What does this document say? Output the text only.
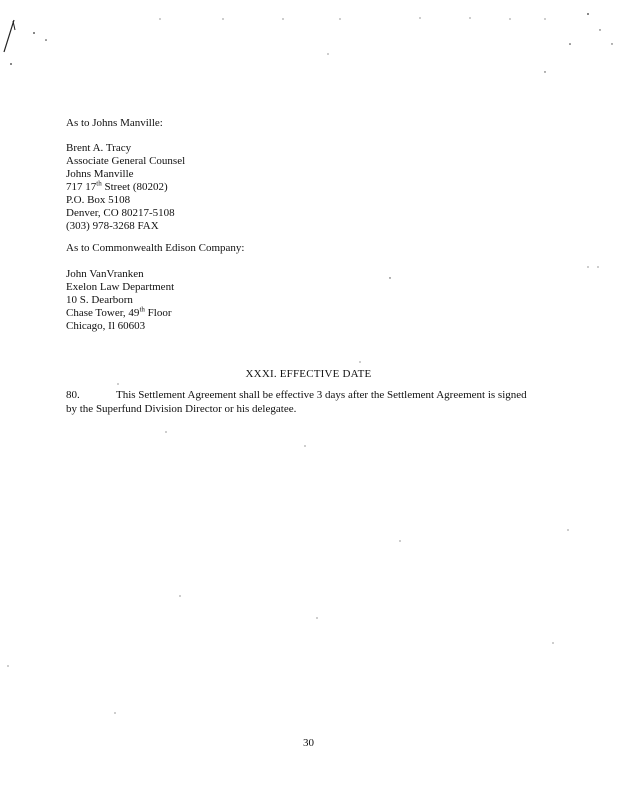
As to Johns Manville:
Brent A. Tracy
Associate General Counsel
Johns Manville
717 17th Street (80202)
P.O. Box 5108
Denver, CO 80217-5108
(303) 978-3268 FAX
As to Commonwealth Edison Company:
John VanVranken
Exelon Law Department
10 S. Dearborn
Chase Tower, 49th Floor
Chicago, Il 60603
XXXI. EFFECTIVE DATE
80.	This Settlement Agreement shall be effective 3 days after the Settlement Agreement is signed by the Superfund Division Director or his delegatee.
30
